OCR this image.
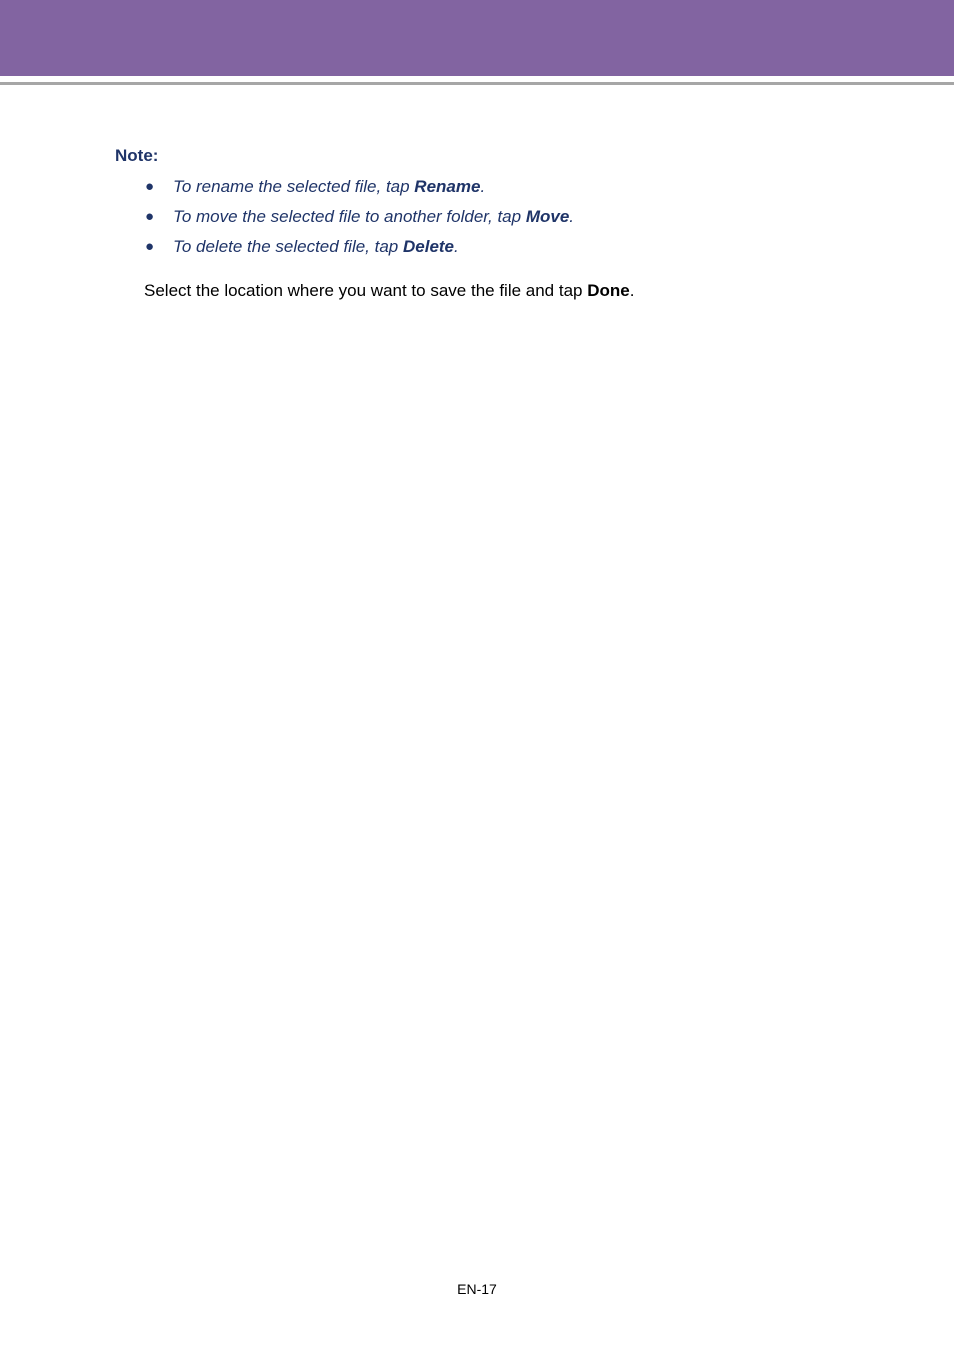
Note:
● To rename the selected file, tap Rename.
● To move the selected file to another folder, tap Move.
● To delete the selected file, tap Delete.
Select the location where you want to save the file and tap Done.
EN-17
